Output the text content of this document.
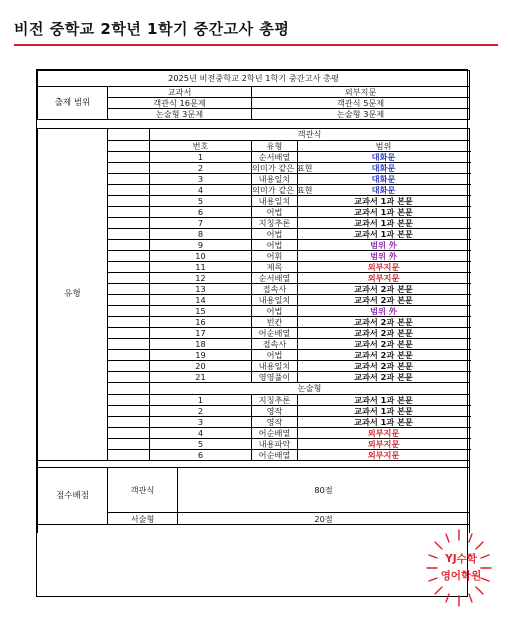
비전 중학교 2학년 1학기 중간고사 총평
2025년 비전중학교 2학년 1학기 중간고사 총평					
출제 범위	교과서			외부지문	
	객관식 16문제			객관식 5문제	
	논술형 3문제			논술형 3문제	

유형		객관식			
		번호		유형	범위
		1		순서배열	대화문
		2		의미가 같은 표현	대화문
		3		내용일치	대화문
		4		의미가 같은 표현	대화문
		5		내용일치	교과서 1과 본문
		6		어법	교과서 1과 본문
		7		지칭추론	교과서 1과 본문
		8		어법	교과서 1과 본문
		9		어법	범위 外
		10		어휘	범위 外
		11		제목	외부지문
		12		순서배열	외부지문
		13		접속사	교과서 2과 본문
		14		내용일치	교과서 2과 본문
		15		어법	범위 外
		16		빈칸	교과서 2과 본문
		17		어순배열	교과서 2과 본문
		18		접속사	교과서 2과 본문
		19		어법	교과서 2과 본문
		20		내용일치	교과서 2과 본문
		21		영영풀이	교과서 2과 본문
		논술형			
		1		지칭추론	교과서 1과 본문
		2		영작	교과서 1과 본문
		3		영작	교과서 1과 본문
		4		어순배열	외부지문
		5		내용파악	외부지문
		6		어순배열	외부지문

점수배점	객관식		80점		
	서술형		20점		

YJ수학
영어학원
